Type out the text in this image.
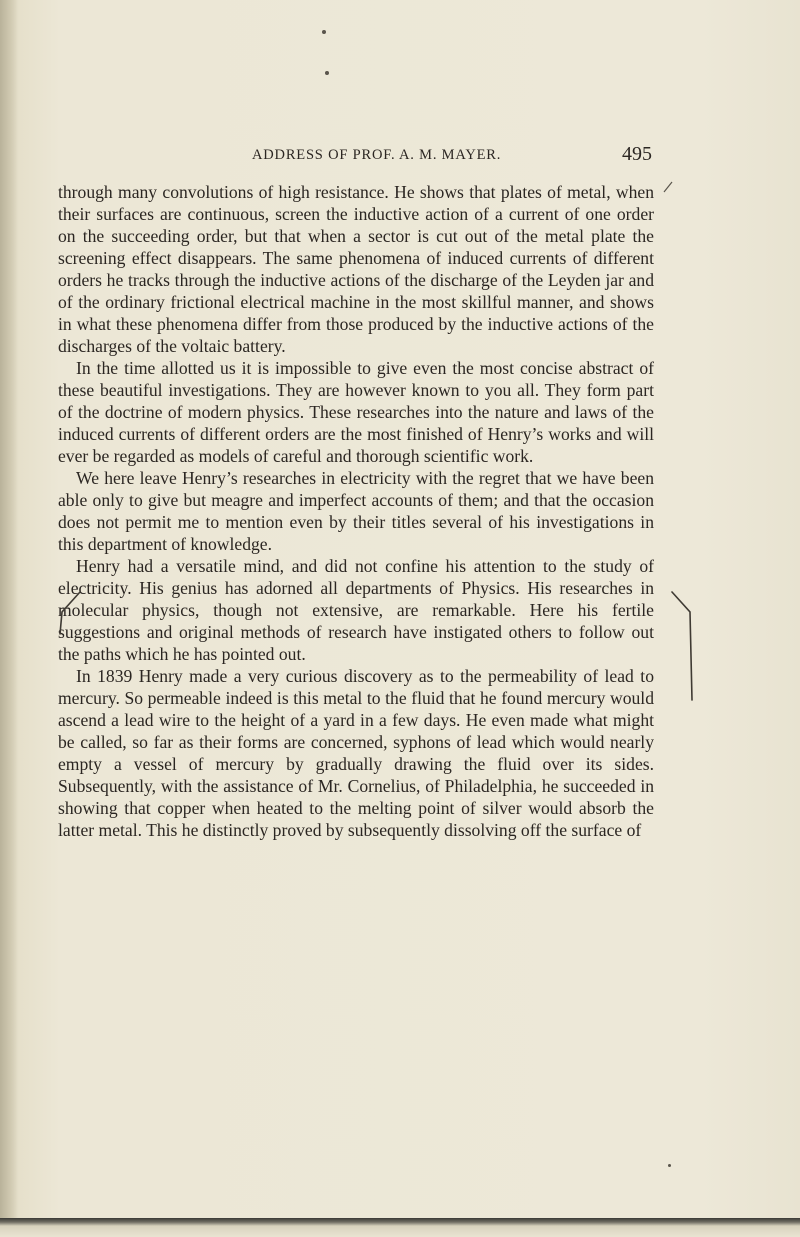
ADDRESS OF PROF. A. M. MAYER.	495

through many convolutions of high resistance. He shows that plates of metal, when their surfaces are continuous, screen the inductive action of a current of one order on the succeeding order, but that when a sector is cut out of the metal plate the screening effect disappears. The same phenomena of induced currents of different orders he tracks through the inductive actions of the discharge of the Leyden jar and of the ordinary frictional electrical machine in the most skillful manner, and shows in what these phenomena differ from those produced by the inductive actions of the discharges of the voltaic battery.

In the time allotted us it is impossible to give even the most concise abstract of these beautiful investigations. They are however known to you all. They form part of the doctrine of modern physics. These researches into the nature and laws of the induced currents of different orders are the most finished of Henry’s works and will ever be regarded as models of careful and thorough scientific work.

We here leave Henry’s researches in electricity with the regret that we have been able only to give but meagre and imperfect accounts of them; and that the occasion does not permit me to mention even by their titles several of his investigations in this department of knowledge.

Henry had a versatile mind, and did not confine his attention to the study of electricity. His genius has adorned all departments of Physics. His researches in molecular physics, though not extensive, are remarkable. Here his fertile suggestions and original methods of research have instigated others to follow out the paths which he has pointed out.

In 1839 Henry made a very curious discovery as to the permeability of lead to mercury. So permeable indeed is this metal to the fluid that he found mercury would ascend a lead wire to the height of a yard in a few days. He even made what might be called, so far as their forms are concerned, syphons of lead which would nearly empty a vessel of mercury by gradually drawing the fluid over its sides. Subsequently, with the assistance of Mr. Cornelius, of Philadelphia, he succeeded in showing that copper when heated to the melting point of silver would absorb the latter metal. This he distinctly proved by subsequently dissolving off the surface of
